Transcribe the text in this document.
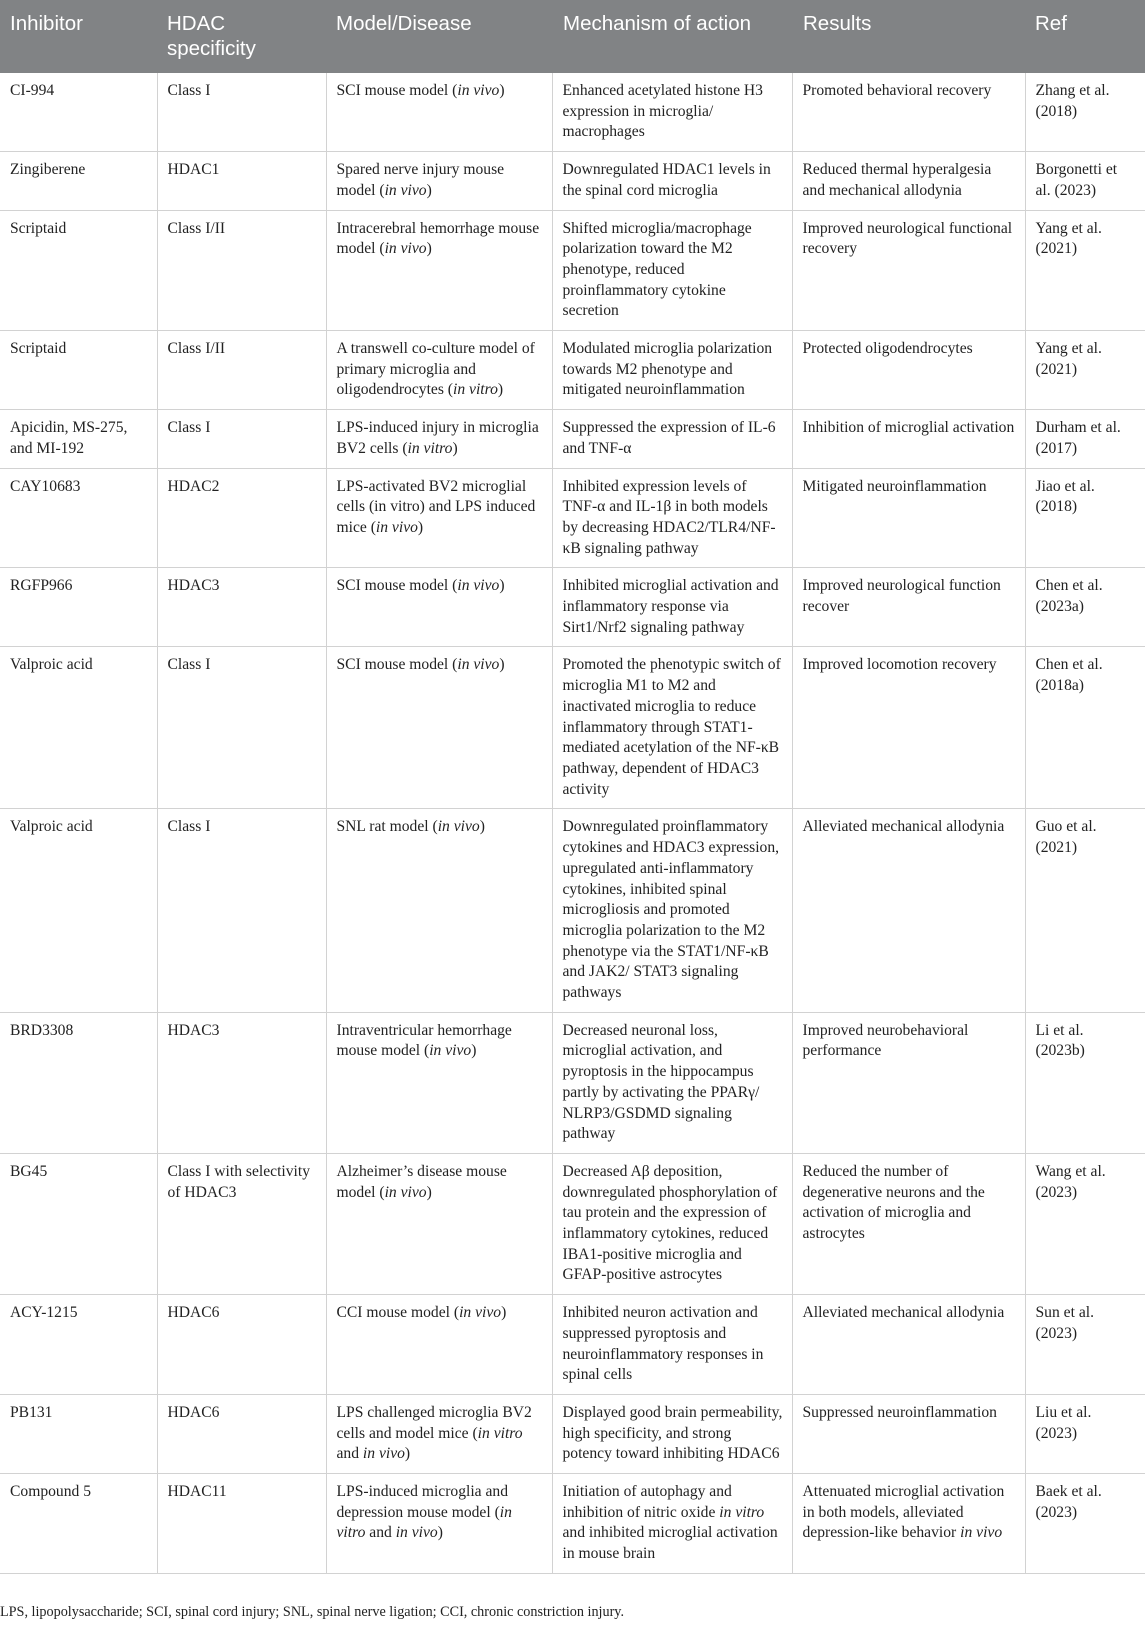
Inhibitor	HDAC specificity	Model/Disease	Mechanism of action	Results	Ref
CI-994	Class I	SCI mouse model (in vivo)	Enhanced acetylated histone H3 expression in microglia/ macrophages	Promoted behavioral recovery	Zhang et al. (2018)
Zingiberene	HDAC1	Spared nerve injury mouse model (in vivo)	Downregulated HDAC1 levels in the spinal cord microglia	Reduced thermal hyperalgesia and mechanical allodynia	Borgonetti et al. (2023)
Scriptaid	Class I/II	Intracerebral hemorrhage mouse model (in vivo)	Shifted microglia/macrophage polarization toward the M2 phenotype, reduced proinflammatory cytokine secretion	Improved neurological functional recovery	Yang et al. (2021)
Scriptaid	Class I/II	A transwell co-culture model of primary microglia and oligodendrocytes (in vitro)	Modulated microglia polarization towards M2 phenotype and mitigated neuroinflammation	Protected oligodendrocytes	Yang et al. (2021)
Apicidin, MS-275, and MI-192	Class I	LPS-induced injury in microglia BV2 cells (in vitro)	Suppressed the expression of IL-6 and TNF-α	Inhibition of microglial activation	Durham et al. (2017)
CAY10683	HDAC2	LPS-activated BV2 microglial cells (in vitro) and LPS induced mice (in vivo)	Inhibited expression levels of TNF-α and IL-1β in both models by decreasing HDAC2/TLR4/NF-κB signaling pathway	Mitigated neuroinflammation	Jiao et al. (2018)
RGFP966	HDAC3	SCI mouse model (in vivo)	Inhibited microglial activation and inflammatory response via Sirt1/Nrf2 signaling pathway	Improved neurological function recover	Chen et al. (2023a)
Valproic acid	Class I	SCI mouse model (in vivo)	Promoted the phenotypic switch of microglia M1 to M2 and inactivated microglia to reduce inflammatory through STAT1-mediated acetylation of the NF-κB pathway, dependent of HDAC3 activity	Improved locomotion recovery	Chen et al. (2018a)
Valproic acid	Class I	SNL rat model (in vivo)	Downregulated proinflammatory cytokines and HDAC3 expression, upregulated anti-inflammatory cytokines, inhibited spinal microgliosis and promoted microglia polarization to the M2 phenotype via the STAT1/NF-κB and JAK2/ STAT3 signaling pathways	Alleviated mechanical allodynia	Guo et al. (2021)
BRD3308	HDAC3	Intraventricular hemorrhage mouse model (in vivo)	Decreased neuronal loss, microglial activation, and pyroptosis in the hippocampus partly by activating the PPARγ/ NLRP3/GSDMD signaling pathway	Improved neurobehavioral performance	Li et al. (2023b)
BG45	Class I with selectivity of HDAC3	Alzheimer’s disease mouse model (in vivo)	Decreased Aβ deposition, downregulated phosphorylation of tau protein and the expression of inflammatory cytokines, reduced IBA1-positive microglia and GFAP-positive astrocytes	Reduced the number of degenerative neurons and the activation of microglia and astrocytes	Wang et al. (2023)
ACY-1215	HDAC6	CCI mouse model (in vivo)	Inhibited neuron activation and suppressed pyroptosis and neuroinflammatory responses in spinal cells	Alleviated mechanical allodynia	Sun et al. (2023)
PB131	HDAC6	LPS challenged microglia BV2 cells and model mice (in vitro and in vivo)	Displayed good brain permeability, high specificity, and strong potency toward inhibiting HDAC6	Suppressed neuroinflammation	Liu et al. (2023)
Compound 5	HDAC11	LPS-induced microglia and depression mouse model (in vitro and in vivo)	Initiation of autophagy and inhibition of nitric oxide in vitro and inhibited microglial activation in mouse brain	Attenuated microglial activation in both models, alleviated depression-like behavior in vivo	Baek et al. (2023)
LPS, lipopolysaccharide; SCI, spinal cord injury; SNL, spinal nerve ligation; CCI, chronic constriction injury.
